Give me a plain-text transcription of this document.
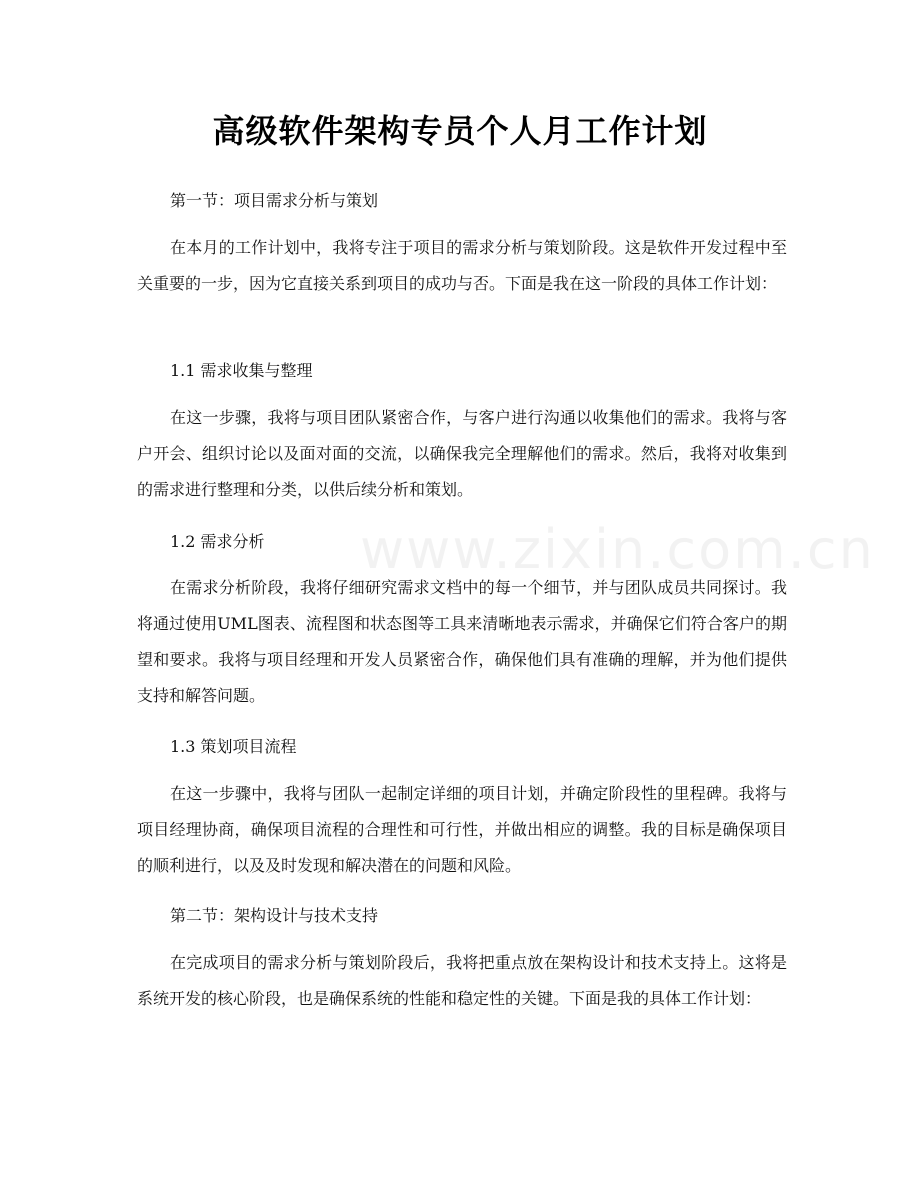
www.zixin.com.cn
高级软件架构专员个人月工作计划
第一节：项目需求分析与策划
在本月的工作计划中，我将专注于项目的需求分析与策划阶段。这是软件开发过程中至关重要的一步，因为它直接关系到项目的成功与否。下面是我在这一阶段的具体工作计划：
1.1 需求收集与整理
在这一步骤，我将与项目团队紧密合作，与客户进行沟通以收集他们的需求。我将与客户开会、组织讨论以及面对面的交流，以确保我完全理解他们的需求。然后，我将对收集到的需求进行整理和分类，以供后续分析和策划。
1.2 需求分析
在需求分析阶段，我将仔细研究需求文档中的每一个细节，并与团队成员共同探讨。我将通过使用UML图表、流程图和状态图等工具来清晰地表示需求，并确保它们符合客户的期望和要求。我将与项目经理和开发人员紧密合作，确保他们具有准确的理解，并为他们提供支持和解答问题。
1.3 策划项目流程
在这一步骤中，我将与团队一起制定详细的项目计划，并确定阶段性的里程碑。我将与项目经理协商，确保项目流程的合理性和可行性，并做出相应的调整。我的目标是确保项目的顺利进行，以及及时发现和解决潜在的问题和风险。
第二节：架构设计与技术支持
在完成项目的需求分析与策划阶段后，我将把重点放在架构设计和技术支持上。这将是系统开发的核心阶段，也是确保系统的性能和稳定性的关键。下面是我的具体工作计划：
